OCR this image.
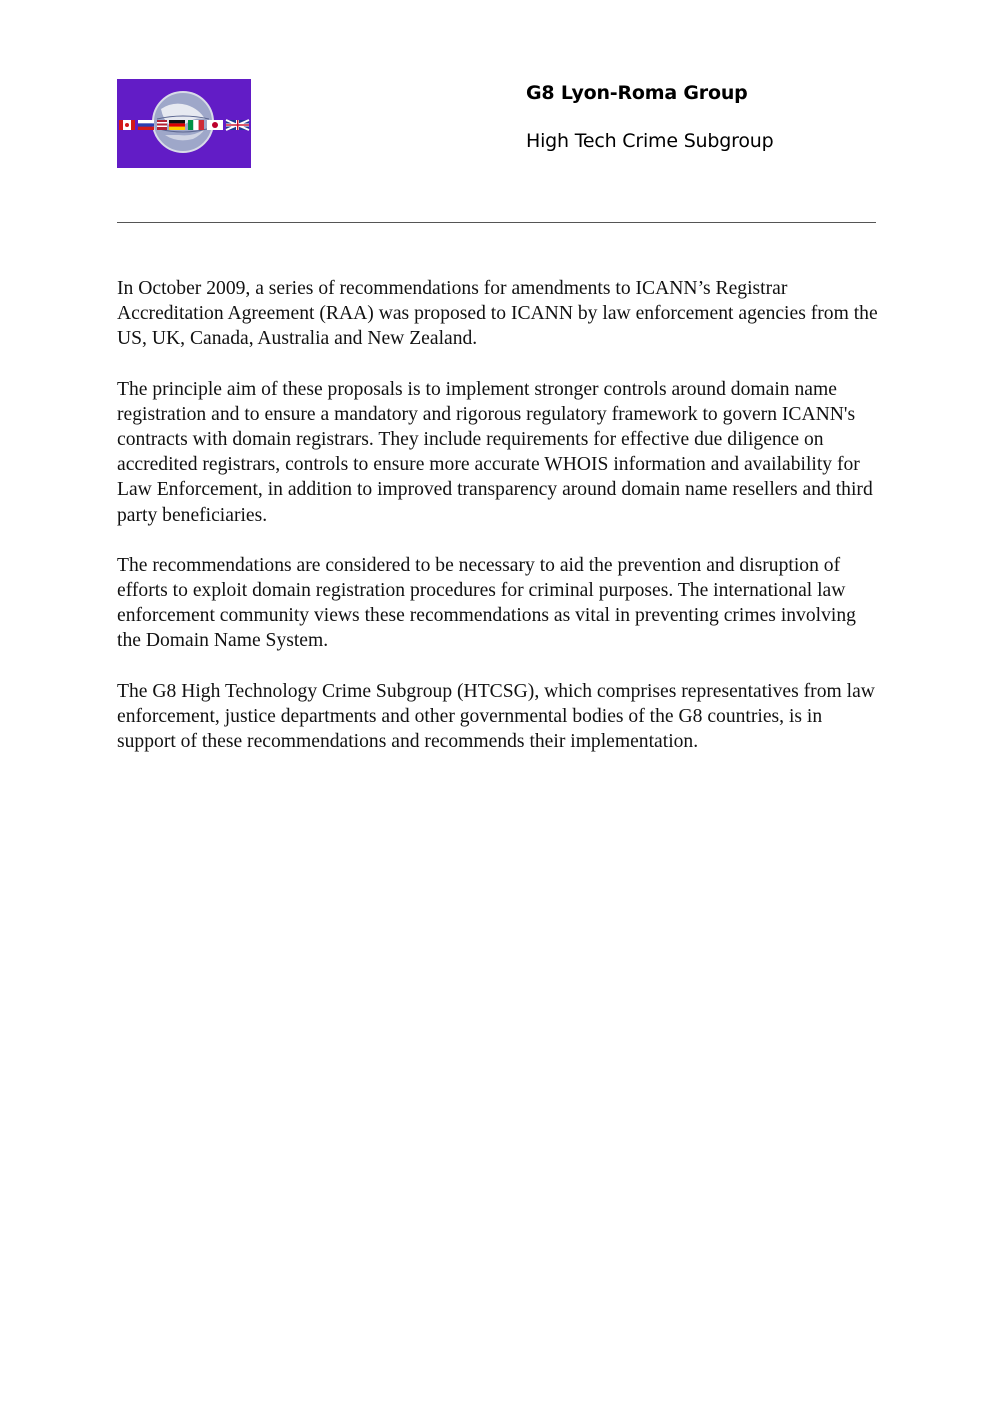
G8 Lyon-Roma Group
High Tech Crime Subgroup

In October 2009, a series of recommendations for amendments to ICANN’s Registrar Accreditation Agreement (RAA) was proposed to ICANN by law enforcement agencies from the US, UK, Canada, Australia and New Zealand.

The principle aim of these proposals is to implement stronger controls around domain name registration and to ensure a mandatory and rigorous regulatory framework to govern ICANN's contracts with domain registrars. They include requirements for effective due diligence on accredited registrars, controls to ensure more accurate WHOIS information and availability for Law Enforcement, in addition to improved transparency around domain name resellers and third party beneficiaries.

The recommendations are considered to be necessary to aid the prevention and disruption of efforts to exploit domain registration procedures for criminal purposes. The international law enforcement community views these recommendations as vital in preventing crimes involving the Domain Name System.

The G8 High Technology Crime Subgroup (HTCSG), which comprises representatives from law enforcement, justice departments and other governmental bodies of the G8 countries, is in support of these recommendations and recommends their implementation.
